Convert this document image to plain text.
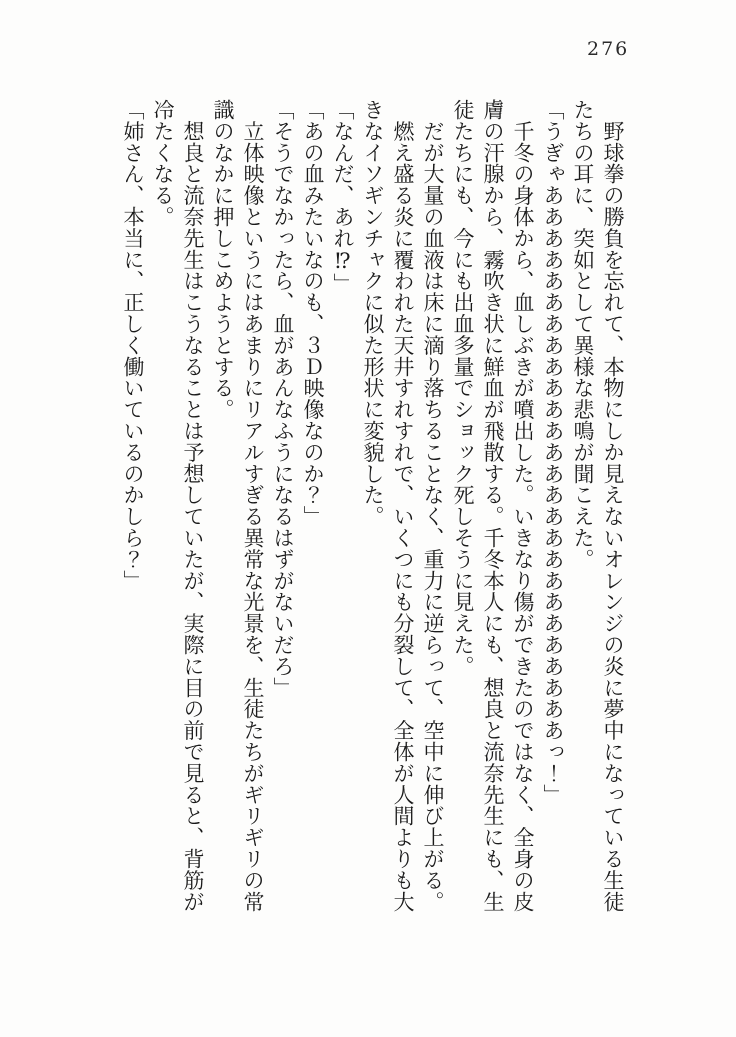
276

　野球拳の勝負を忘れて、本物にしか見えないオレンジの炎に夢中になっている生徒

たちの耳に、突如として異様な悲鳴が聞こえた。

「うぎゃああああああああああああああああああああああああああっ！」

　千冬の身体から、血しぶきが噴出した。いきなり傷ができたのではなく、全身の皮

膚の汗腺から、霧吹き状に鮮血が飛散する。千冬本人にも、想良と流奈先生にも、生

徒たちにも、今にも出血多量でショック死しそうに見えた。

　だが大量の血液は床に滴り落ちることなく、重力に逆らって、空中に伸び上がる。

　燃え盛る炎に覆われた天井すれすれで、いくつにも分裂して、全体が人間よりも大

きなイソギンチャクに似た形状に変貌した。

「なんだ、あれ⁉」

「あの血みたいなのも、３Ｄ映像なのか？」

「そうでなかったら、血があんなふうになるはずがないだろ」

　立体映像というにはあまりにリアルすぎる異常な光景を、生徒たちがギリギリの常

識のなかに押しこめようとする。

　想良と流奈先生はこうなることは予想していたが、実際に目の前で見ると、背筋が

冷たくなる。

「姉さん、本当に、正しく働いているのかしら？」
